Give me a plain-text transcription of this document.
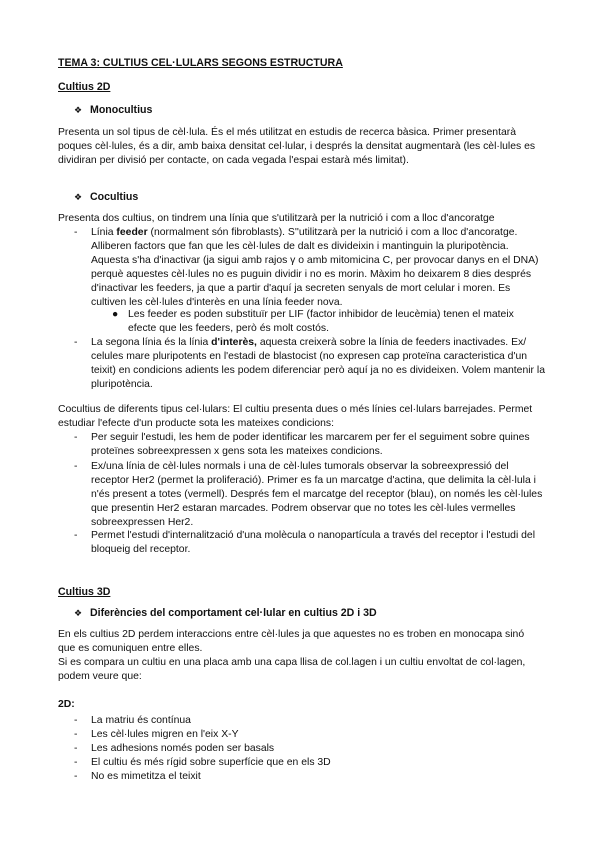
TEMA 3: CULTIUS CEL·LULARS SEGONS ESTRUCTURA
Cultius 2D
❖ Monocultius
Presenta un sol tipus de cèl·lula. És el més utilitzat en estudis de recerca bàsica. Primer presentarà poques cèl·lules, és a dir, amb baixa densitat cel·lular, i després la densitat augmentarà (les cèl·lules es dividiran per divisió per contacte, on cada vegada l'espai estarà més limitat).
❖ Cocultius
Presenta dos cultius, on tindrem una línia que s'utilitzarà per la nutrició i com a lloc d'ancoratge
- Línia feeder (normalment són fibroblasts). S''utilitzarà per la nutrició i com a lloc d'ancoratge. Alliberen factors que fan que les cèl·lules de dalt es divideixin i mantinguin la pluripotència. Aquesta s'ha d'inactivar (ja sigui amb rajos γ o amb mitomicina C, per provocar danys en el DNA) perquè aquestes cèl·lules no es puguin dividir i no es morin. Màxim ho deixarem 8 dies després d'inactivar les feeders, ja que a partir d'aquí ja secreten senyals de mort celular i moren. Es cultiven les cèl·lules d'interès en una línia feeder nova.
● Les feeder es poden substituïr per LIF (factor inhibidor de leucèmia) tenen el mateix efecte que les feeders, però és molt costós.
- La segona línia és la línia d'interès, aquesta creixerà sobre la línia de feeders inactivades. Ex/ celules mare pluripotents en l'estadi de blastocist (no expresen cap proteïna caracteristica d'un teixit) en condicions adients les podem diferenciar però aquí ja no es divideixen. Volem mantenir la pluripotència.
Cocultius de diferents tipus cel·lulars: El cultiu presenta dues o més línies cel·lulars barrejades. Permet estudiar l'efecte d'un producte sota les mateixes condicions:
- Per seguir l'estudi, les hem de poder identificar les marcarem per fer el seguiment sobre quines proteïnes sobreexpressen x gens sota les mateixes condicions.
- Ex/una línia de cèl·lules normals i una de cèl·lules tumorals observar la sobreexpressió del receptor Her2 (permet la proliferació). Primer es fa un marcatge d'actina, que delimita la cèl·lula i n'és present a totes (vermell). Després fem el marcatge del receptor (blau), on només les cèl·lules que presentin Her2 estaran marcades. Podrem observar que no totes les cèl·lules vermelles sobreexpressen Her2.
- Permet l'estudi d'internalització d'una molècula o nanopartícula a través del receptor i l'estudi del bloqueig del receptor.
Cultius 3D
❖ Diferències del comportament cel·lular en cultius 2D i 3D
En els cultius 2D perdem interaccions entre cèl·lules ja que aquestes no es troben en monocapa sinó que es comuniquen entre elles.
Si es compara un cultiu en una placa amb una capa llisa de col.lagen i un cultiu envoltat de col·lagen, podem veure que:
2D:
- La matriu és contínua
- Les cèl·lules migren en l'eix X-Y
- Les adhesions només poden ser basals
- El cultiu és més rígid sobre superfície que en els 3D
- No es mimetitza el teixit
